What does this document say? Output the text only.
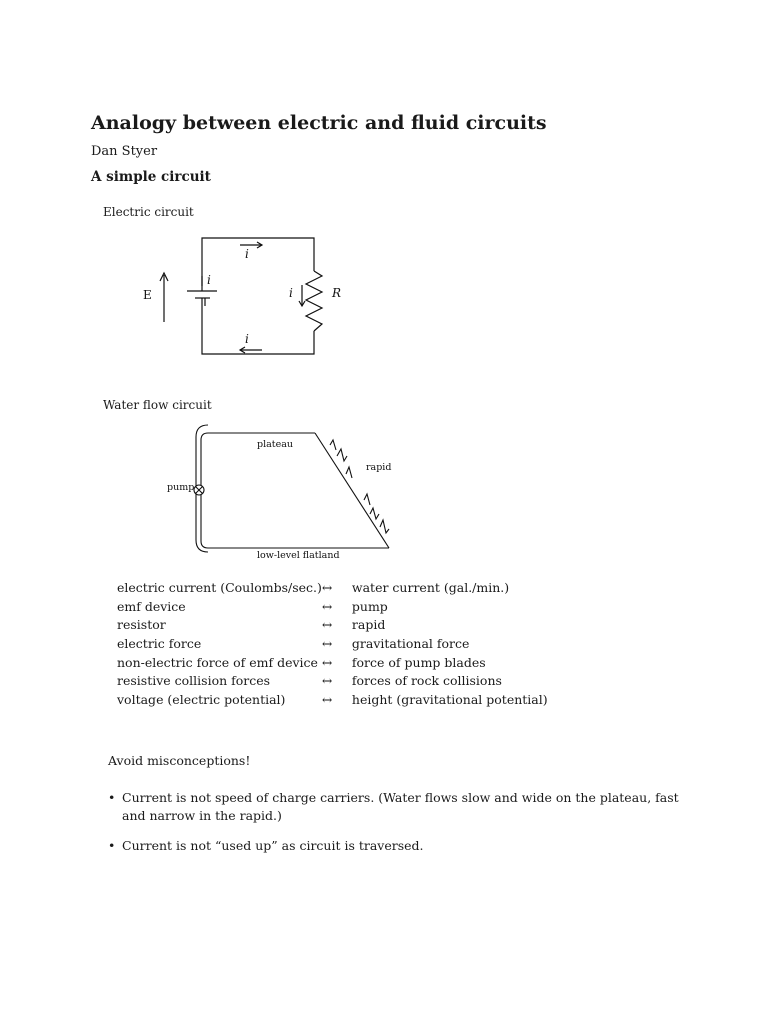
Analogy between electric and fluid circuits
Dan Styer
A simple circuit
Electric circuit
E
i
i
i
i
R
plateau
rapid
pump
low-level flatland
Water flow circuit
electric current (Coulombs/sec.)	↔	water current (gal./min.)
emf device	↔	pump
resistor	↔	rapid
electric force	↔	gravitational force
non-electric force of emf device	↔	force of pump blades
resistive collision forces	↔	forces of rock collisions
voltage (electric potential)	↔	height (gravitational potential)
Avoid misconceptions!
• Current is not speed of charge carriers. (Water flows slow and wide on the plateau, fast and narrow in the rapid.)
• Current is not “used up” as circuit is traversed.
